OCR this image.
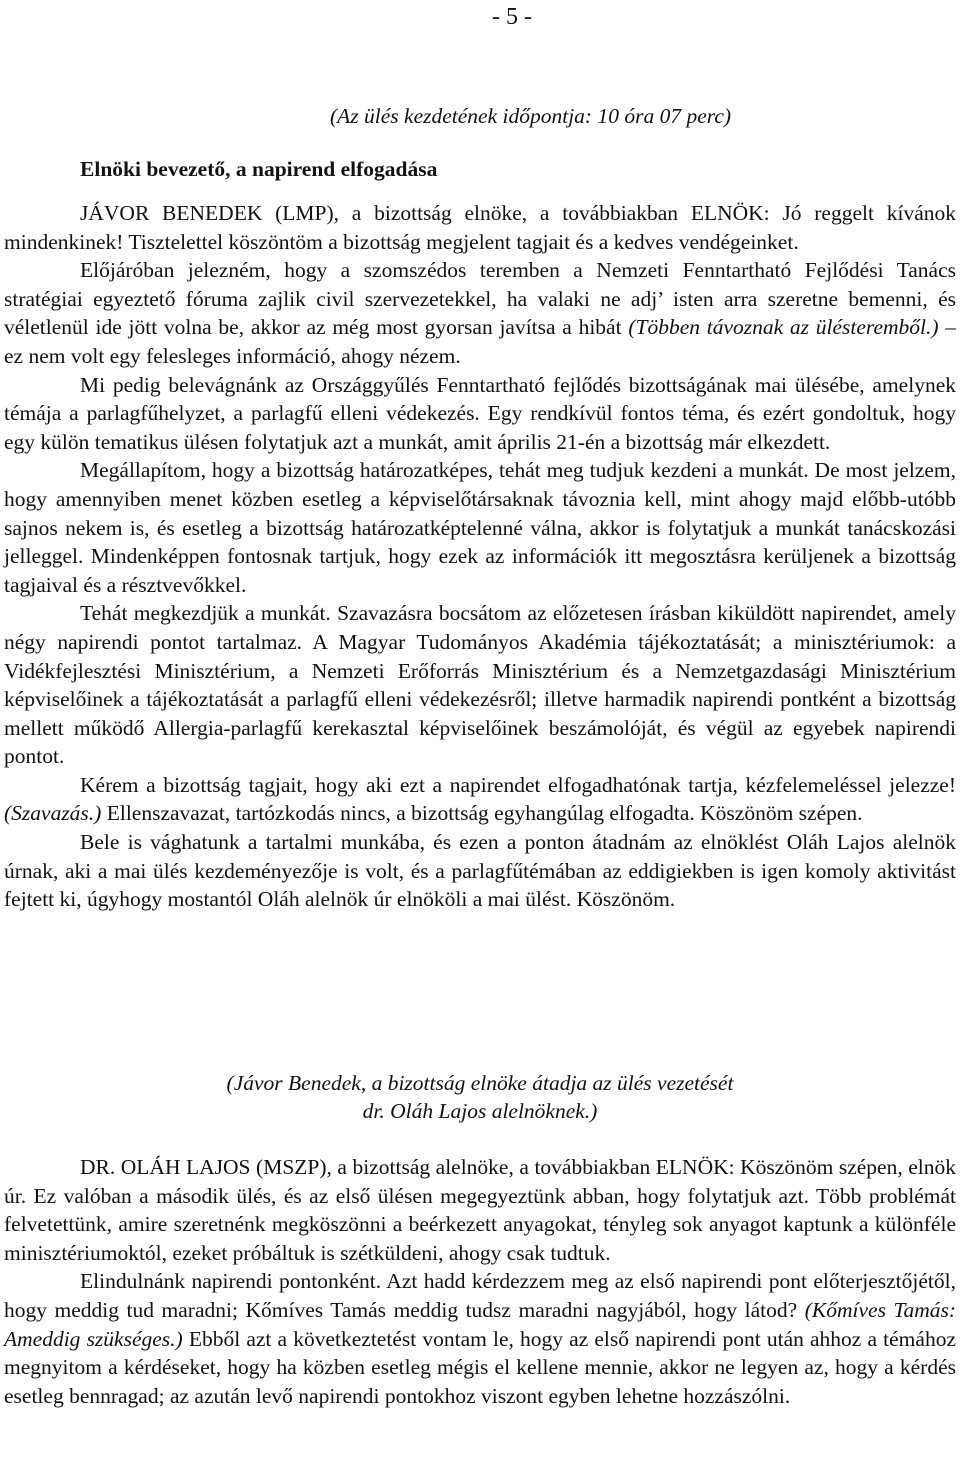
- 5 -
(Az ülés kezdetének időpontja: 10 óra 07 perc)
Elnöki bevezető, a napirend elfogadása

JÁVOR BENEDEK (LMP), a bizottság elnöke, a továbbiakban ELNÖK: Jó reggelt kívánok mindenkinek! Tisztelettel köszöntöm a bizottság megjelent tagjait és a kedves vendégeinket.

Előjáróban jelezném, hogy a szomszédos teremben a Nemzeti Fenntartható Fejlődési Tanács stratégiai egyeztető fóruma zajlik civil szervezetekkel, ha valaki ne adj’ isten arra szeretne bemenni, és véletlenül ide jött volna be, akkor az még most gyorsan javítsa a hibát (Többen távoznak az ülésteremből.) – ez nem volt egy felesleges információ, ahogy nézem.

Mi pedig belevágnánk az Országgyűlés Fenntartható fejlődés bizottságának mai ülésébe, amelynek témája a parlagfűhelyzet, a parlagfű elleni védekezés. Egy rendkívül fontos téma, és ezért gondoltuk, hogy egy külön tematikus ülésen folytatjuk azt a munkát, amit április 21-én a bizottság már elkezdett.

Megállapítom, hogy a bizottság határozatképes, tehát meg tudjuk kezdeni a munkát. De most jelzem, hogy amennyiben menet közben esetleg a képviselőtársaknak távoznia kell, mint ahogy majd előbb-utóbb sajnos nekem is, és esetleg a bizottság határozatképtelenné válna, akkor is folytatjuk a munkát tanácskozási jelleggel. Mindenképpen fontosnak tartjuk, hogy ezek az információk itt megosztásra kerüljenek a bizottság tagjaival és a résztvevőkkel.

Tehát megkezdjük a munkát. Szavazásra bocsátom az előzetesen írásban kiküldött napirendet, amely négy napirendi pontot tartalmaz. A Magyar Tudományos Akadémia tájékoztatását; a minisztériumok: a Vidékfejlesztési Minisztérium, a Nemzeti Erőforrás Minisztérium és a Nemzetgazdasági Minisztérium képviselőinek a tájékoztatását a parlagfű elleni védekezésről; illetve harmadik napirendi pontként a bizottság mellett működő Allergia-parlagfű kerekasztal képviselőinek beszámolóját, és végül az egyebek napirendi pontot.

Kérem a bizottság tagjait, hogy aki ezt a napirendet elfogadhatónak tartja, kézfelemeléssel jelezze! (Szavazás.) Ellenszavazat, tartózkodás nincs, a bizottság egyhangúlag elfogadta. Köszönöm szépen.

Bele is vághatunk a tartalmi munkába, és ezen a ponton átadnám az elnöklést Oláh Lajos alelnök úrnak, aki a mai ülés kezdeményezője is volt, és a parlagfűtémában az eddigiekben is igen komoly aktivitást fejtett ki, úgyhogy mostantól Oláh alelnök úr elnököli a mai ülést. Köszönöm.

(Jávor Benedek, a bizottság elnöke átadja az ülés vezetését
dr. Oláh Lajos alelnöknek.)

DR. OLÁH LAJOS (MSZP), a bizottság alelnöke, a továbbiakban ELNÖK: Köszönöm szépen, elnök úr. Ez valóban a második ülés, és az első ülésen megegyeztünk abban, hogy folytatjuk azt. Több problémát felvetettünk, amire szeretnénk megköszönni a beérkezett anyagokat, tényleg sok anyagot kaptunk a különféle minisztériumoktól, ezeket próbáltuk is szétküldeni, ahogy csak tudtuk.

Elindulnánk napirendi pontonként. Azt hadd kérdezzem meg az első napirendi pont előterjesztőjétől, hogy meddig tud maradni; Kőmíves Tamás meddig tudsz maradni nagyjából, hogy látod? (Kőmíves Tamás: Ameddig szükséges.) Ebből azt a következtetést vontam le, hogy az első napirendi pont után ahhoz a témához megnyitom a kérdéseket, hogy ha közben esetleg mégis el kellene mennie, akkor ne legyen az, hogy a kérdés esetleg bennragad; az azután levő napirendi pontokhoz viszont egyben lehetne hozzászólni.
